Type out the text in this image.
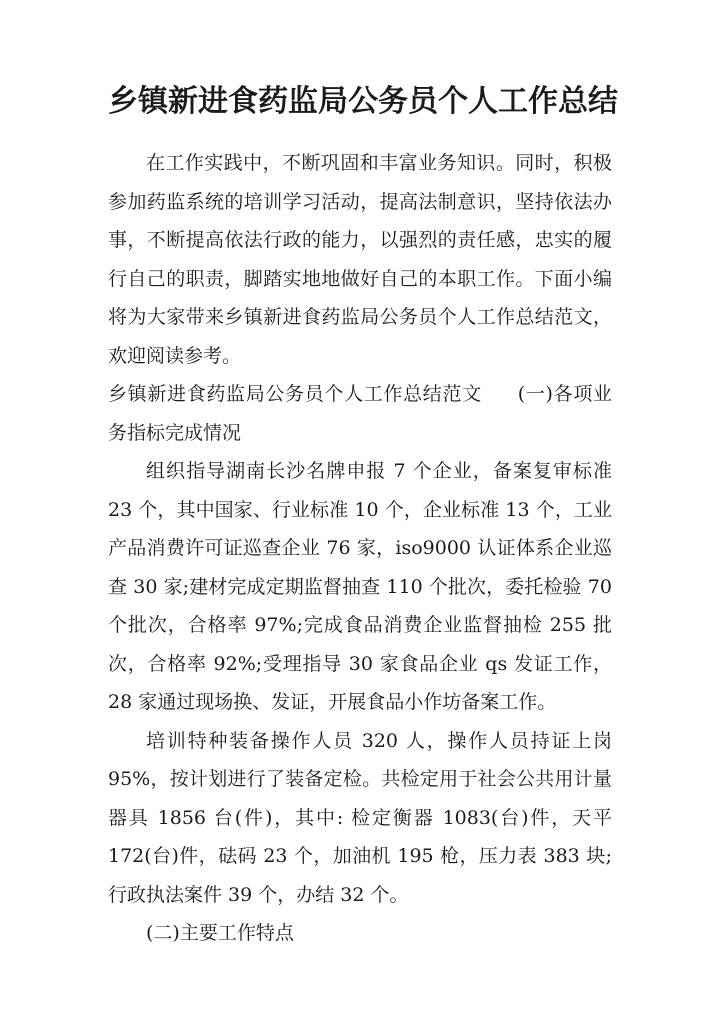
乡镇新进食药监局公务员个人工作总结

在工作实践中，不断巩固和丰富业务知识。同时，积极参加药监系统的培训学习活动，提高法制意识，坚持依法办事，不断提高依法行政的能力，以强烈的责任感，忠实的履行自己的职责，脚踏实地地做好自己的本职工作。下面小编将为大家带来乡镇新进食药监局公务员个人工作总结范文，欢迎阅读参考。

乡镇新进食药监局公务员个人工作总结范文 (一)各项业务指标完成情况

组织指导湖南长沙名牌申报 7 个企业，备案复审标准 23 个，其中国家、行业标准 10 个，企业标准 13 个，工业产品消费许可证巡查企业 76 家，iso9000 认证体系企业巡查 30 家;建材完成定期监督抽查 110 个批次，委托检验 70 个批次，合格率 97%;完成食品消费企业监督抽检 255 批次，合格率 92%;受理指导 30 家食品企业 qs 发证工作，28 家通过现场换、发证，开展食品小作坊备案工作。

培训特种装备操作人员 320 人，操作人员持证上岗 95%，按计划进行了装备定检。共检定用于社会公共用计量器具 1856 台(件)，其中: 检定衡器 1083(台)件，天平 172(台)件，砝码 23 个，加油机 195 枪，压力表 383 块;行政执法案件 39 个，办结 32 个。

(二)主要工作特点
